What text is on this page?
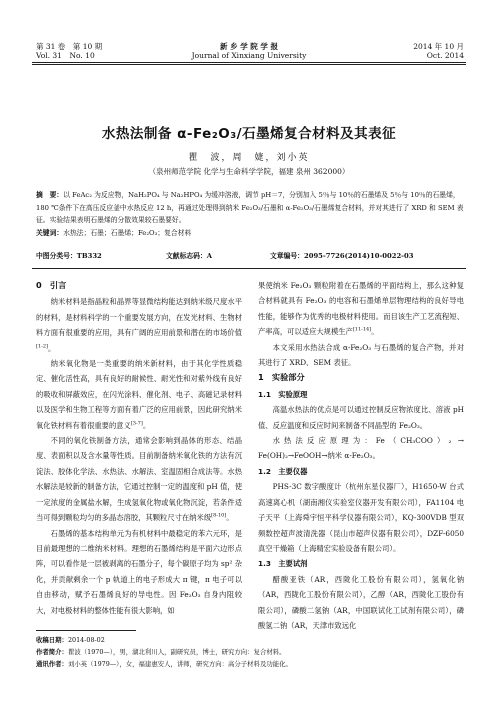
第 31 卷　第 10 期
Vol. 31　No. 10
新 乡 学 院 学 报
Journal of Xinxiang University
2014 年 10 月
Oct. 2014
水热法制备 α-Fe₂O₃/石墨烯复合材料及其表征
瞿　波，周　婕，刘小英
（泉州师范学院 化学与生命科学学院，福建 泉州 362000）
摘　要：以 FeAc₂ 为反应物，NaH₂PO₄ 与 Na₂HPO₄ 为缓冲溶液，调节 pH＝7，分别加入 5％与 10％的石墨烯及 5％与 10％的石墨烯，180 ℃条件下在高压反应釜中水热反应 12 h，再通过处理得到纳米 Fe₂O₃/石墨和 α-Fe₂O₃/石墨烯复合材料，并对其进行了 XRD 和 SEM 表征。实验结果表明石墨烯的分散效果较石墨要好。
关键词：水热法；石墨；石墨烯；Fe₂O₃；复合材料
中图分类号：TB332	文献标志码：A	文章编号：2095-7726(2014)10-0022-03

0　引言

纳米材料是指晶粒和晶界等显微结构能达到纳米级尺度水平的材料，是材料科学的一个重要发展方向，在发光材料、生物材料方面有很重要的应用，具有广阔的应用前景和潜在的市场价值[1-2]。

纳米氧化物是一类重要的纳米新材料，由于其化学性质稳定、催化活性高，具有良好的耐候性、耐光性和对紫外线有良好的吸收和屏蔽效应，在闪光涂料、催化剂、电子、高磁记录材料以及医学和生物工程等方面有着广泛的应用前景，因此研究纳米氧化铁材料有着很重要的意义[3-7]。

不同的氧化铁制备方法，通常会影响到晶体的形态、结晶度、表面积以及含水量等性质。目前制备纳米氧化铁的方法有沉淀法、胶体化学法、水热法、水解法、室温固相合成法等。水热水解法是较新的制备方法，它通过控制一定的温度和 pH 值，使一定浓度的金属盐水解，生成氢氧化物或氧化物沉淀，若条件适当可得到颗粒均匀的多晶态溶胶，其颗粒尺寸在纳米级[8-10]。

石墨烯的基本结构单元为有机材料中最稳定的苯六元环，是目前最理想的二维纳米材料。理想的石墨烯结构是平面六边形点阵，可以看作是一层被剥离的石墨分子，每个碳原子均为 sp² 杂化，并贡献剩余一个 p 轨道上的电子形成大 π 键，π 电子可以自由移动，赋予石墨烯良好的导电性。因 Fe₂O₃ 自身内阻较大，对电极材料的整体性能有很大影响，如

果使纳米 Fe₂O₃ 颗粒附着在石墨烯的平面结构上，那么这种复合材料就具有 Fe₂O₃ 的电容和石墨烯单层物理结构的良好导电性能，能够作为优秀的电极材料使用。而目该生产工艺流程短、产率高，可以适应大规模生产[11-14]。

本文采用水热法合成 α-Fe₂O₃ 与石墨烯的复合产物，并对其进行了 XRD、SEM 表征。

1　实验部分

1.1　实验原理

高温水热法的优点是可以通过控制反应物浓度比、溶液 pH 值、反应温度和反应时间来制备不同晶型的 Fe₂O₃。

水热法反应原理为：Fe（CH₃COO）₂ → Fe(OH)₂→FeOOH→纳米 α-Fe₂O₃。

1.2　主要仪器

PHS-3C 数字酸度计（杭州东星仪器厂），H1650-W 台式高速离心机（湖南湘仪实验室仪器开发有限公司），FA1104 电子天平（上海舜宇恒平科学仪器有限公司），KQ-300VDB 型双频数控超声波清洗器（昆山市超声仪器有限公司），DZF-6050 真空干燥箱（上海精宏实验设备有限公司）。

1.3　主要试剂

醋酸亚铁（AR，西陇化工股份有限公司），氢氧化钠（AR，西陇化工股份有限公司），乙醇（AR，西陇化工股份有限公司），磷酸二氢钠（AR，中国联试化工试剂有限公司），磷酸氢二钠（AR，天津市致远化

收稿日期：2014-08-02
作者简介：瞿波（1970—），男，湖北利川人，副研究员，博士，研究方向：复合材料。
通讯作者：刘小英（1979—），女，福建惠安人，讲师，研究方向：高分子材料及功能化。
